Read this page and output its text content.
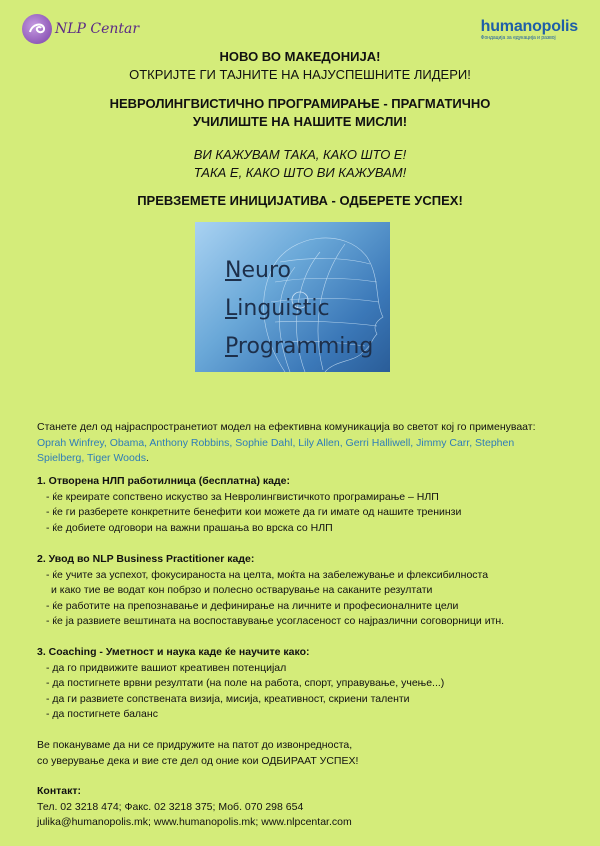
NLP Centar	humanopolis
Фондација за едукација и развој
НОВО ВО МАКЕДОНИЈА!
ОТКРИЈТЕ ГИ ТАЈНИТЕ НА НАЈУСПЕШНИТЕ ЛИДЕРИ!
НЕВРОЛИНГВИСТИЧНО ПРОГРАМИРАЊЕ - ПРАГМАТИЧНО
УЧИЛИШТЕ НА НАШИТЕ МИСЛИ!
ВИ КАЖУВАМ ТАКА, КАКО ШТО Е!
ТАКА Е, КАКО ШТО ВИ КАЖУВАМ!
ПРЕВЗЕМЕТЕ ИНИЦИЈАТИВА - ОДБЕРЕТЕ УСПЕХ!
Neuro
Linguistic
Programming
Станете дел од најраспространетиот модел на ефективна комуникација во светот кој го применуваат:
Oprah Winfrey, Obama, Anthony Robbins, Sophie Dahl, Lily Allen, Gerri Halliwell, Jimmy Carr, Stephen
Spielberg, Tiger Woods.
1. Отворена НЛП работилница (бесплатна) каде:
- ќе креирате сопствено искуство за Невролингвистичкото програмирање – НЛП
- ќе ги разберете конкретните бенефити кои можете да ги имате од нашите тренинзи
- ќе добиете одговори на важни прашања во врска со НЛП
2. Увод во NLP Business Practitioner каде:
- ќе учите за успехот, фокусираноста на целта, моќта на забележување и флексибилноста
и како тие ве водат кон побрзо и полесно остварување на саканите резултати
- ќе работите на препознавање и дефинирање на личните и професионалните цели
- ќе ја развиете вештината на воспоставување усогласеност со најразлични соговорници итн.
3. Coaching - Уметност и наука каде ќе научите како:
- да го придвижите вашиот креативен потенцијал
- да постигнете врвни резултати (на поле на работа, спорт, управување, учење...)
- да ги развиете сопствената визија, мисија, креативност, скриени таленти
- да постигнете баланс
Ве покануваме да ни се придружите на патот до извонредноста,
со уверување дека и вие сте дел од оние кои ОДБИРААТ УСПЕХ!
Контакт:
Тел. 02 3218 474; Факс. 02 3218 375; Моб. 070 298 654
julika@humanopolis.mk; www.humanopolis.mk; www.nlpcentar.com
